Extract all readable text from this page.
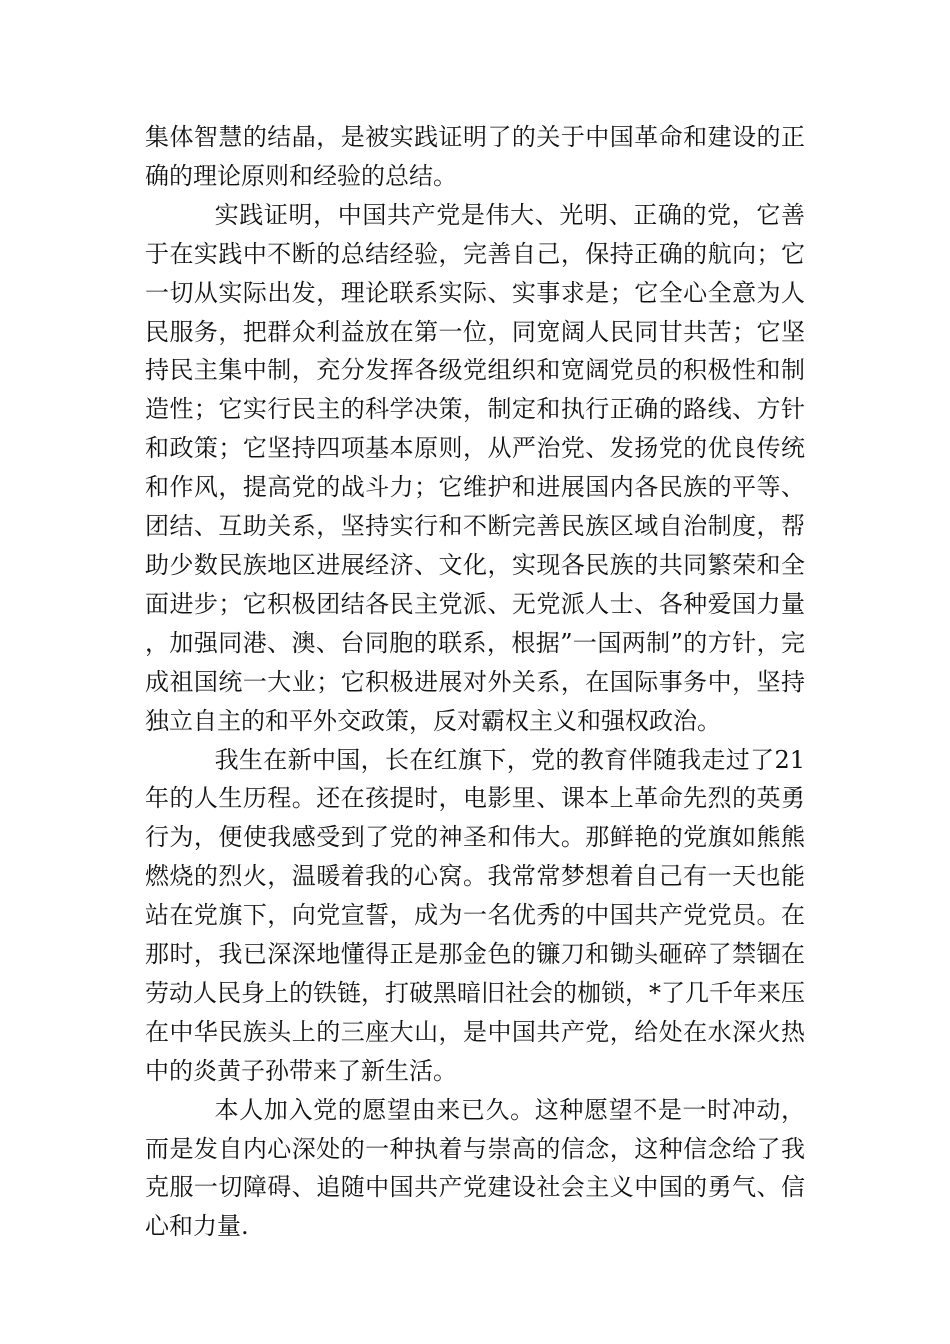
集体智慧的结晶，是被实践证明了的关于中国革命和建设的正确的理论原则和经验的总结。

实践证明，中国共产党是伟大、光明、正确的党，它善于在实践中不断的总结经验，完善自己，保持正确的航向；它一切从实际出发，理论联系实际、实事求是；它全心全意为人民服务，把群众利益放在第一位，同宽阔人民同甘共苦；它坚持民主集中制，充分发挥各级党组织和宽阔党员的积极性和制造性；它实行民主的科学决策，制定和执行正确的路线、方针和政策；它坚持四项基本原则，从严治党、发扬党的优良传统和作风，提高党的战斗力；它维护和进展国内各民族的平等、团结、互助关系，坚持实行和不断完善民族区域自治制度，帮助少数民族地区进展经济、文化，实现各民族的共同繁荣和全面进步；它积极团结各民主党派、无党派人士、各种爱国力量，加强同港、澳、台同胞的联系，根据”一国两制”的方针，完成祖国统一大业；它积极进展对外关系，在国际事务中，坚持独立自主的和平外交政策，反对霸权主义和强权政治。

我生在新中国，长在红旗下，党的教育伴随我走过了21年的人生历程。还在孩提时，电影里、课本上革命先烈的英勇行为，便使我感受到了党的神圣和伟大。那鲜艳的党旗如熊熊燃烧的烈火，温暖着我的心窝。我常常梦想着自己有一天也能站在党旗下，向党宣誓，成为一名优秀的中国共产党党员。在那时，我已深深地懂得正是那金色的镰刀和锄头砸碎了禁锢在劳动人民身上的铁链，打破黑暗旧社会的枷锁，*了几千年来压在中华民族头上的三座大山，是中国共产党，给处在水深火热中的炎黄子孙带来了新生活。

本人加入党的愿望由来已久。这种愿望不是一时冲动，而是发自内心深处的一种执着与崇高的信念，这种信念给了我克服一切障碍、追随中国共产党建设社会主义中国的勇气、信心和力量.
